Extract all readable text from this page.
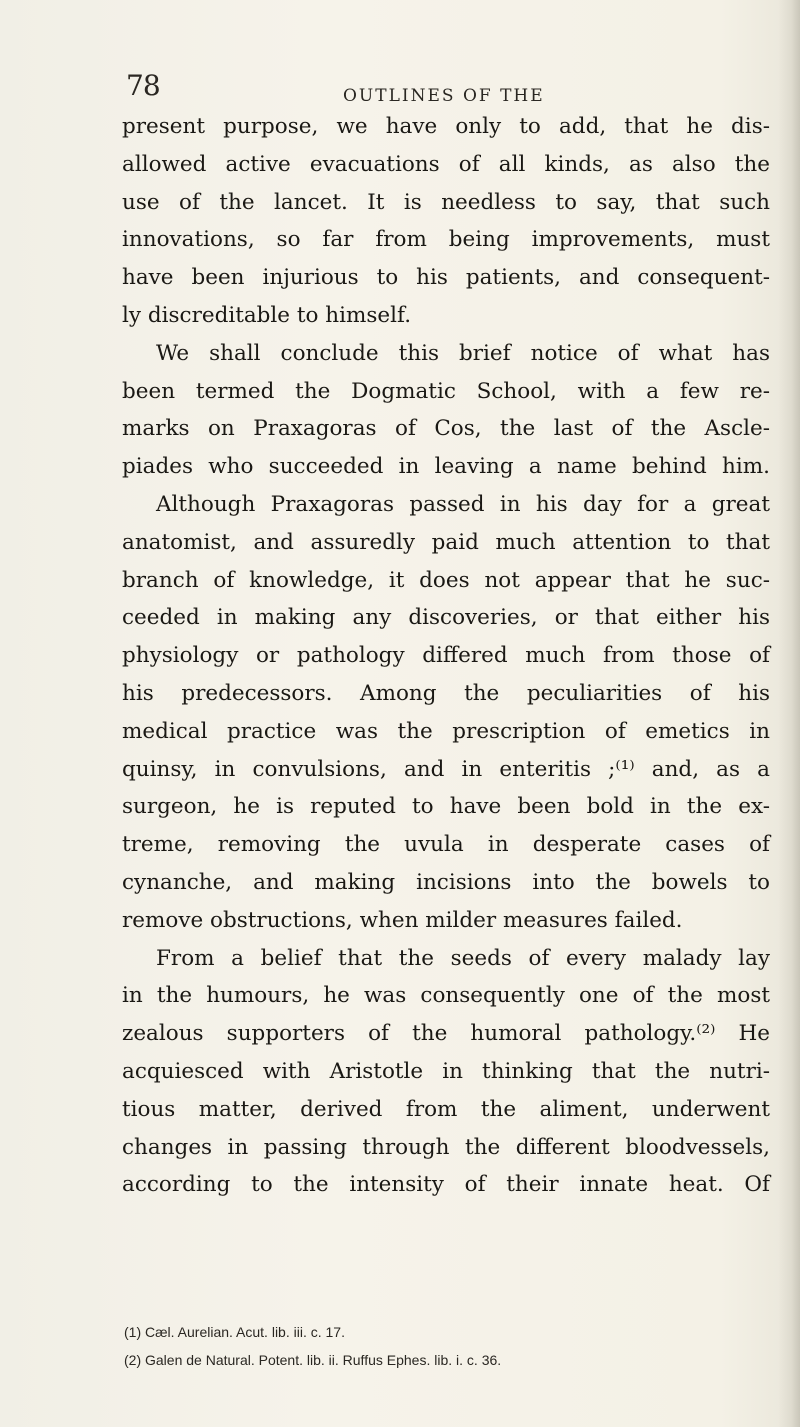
78	OUTLINES OF THE
present purpose, we have only to add, that he dis-
allowed active evacuations of all kinds, as also the
use of the lancet. It is needless to say, that such
innovations, so far from being improvements, must
have been injurious to his patients, and consequent-
ly discreditable to himself.
We shall conclude this brief notice of what has
been termed the Dogmatic School, with a few re-
marks on Praxagoras of Cos, the last of the Ascle-
piades who succeeded in leaving a name behind him.
Although Praxagoras passed in his day for a great
anatomist, and assuredly paid much attention to that
branch of knowledge, it does not appear that he suc-
ceeded in making any discoveries, or that either his
physiology or pathology differed much from those of
his predecessors. Among the peculiarities of his
medical practice was the prescription of emetics in
quinsy, in convulsions, and in enteritis ;⁽¹⁾ and, as a
surgeon, he is reputed to have been bold in the ex-
treme, removing the uvula in desperate cases of
cynanche, and making incisions into the bowels to
remove obstructions, when milder measures failed.
From a belief that the seeds of every malady lay
in the humours, he was consequently one of the most
zealous supporters of the humoral pathology.⁽²⁾ He
acquiesced with Aristotle in thinking that the nutri-
tious matter, derived from the aliment, underwent
changes in passing through the different bloodvessels,
according to the intensity of their innate heat. Of
(1) Cæl. Aurelian. Acut. lib. iii. c. 17.
(2) Galen de Natural. Potent. lib. ii. Ruffus Ephes. lib. i. c. 36.
